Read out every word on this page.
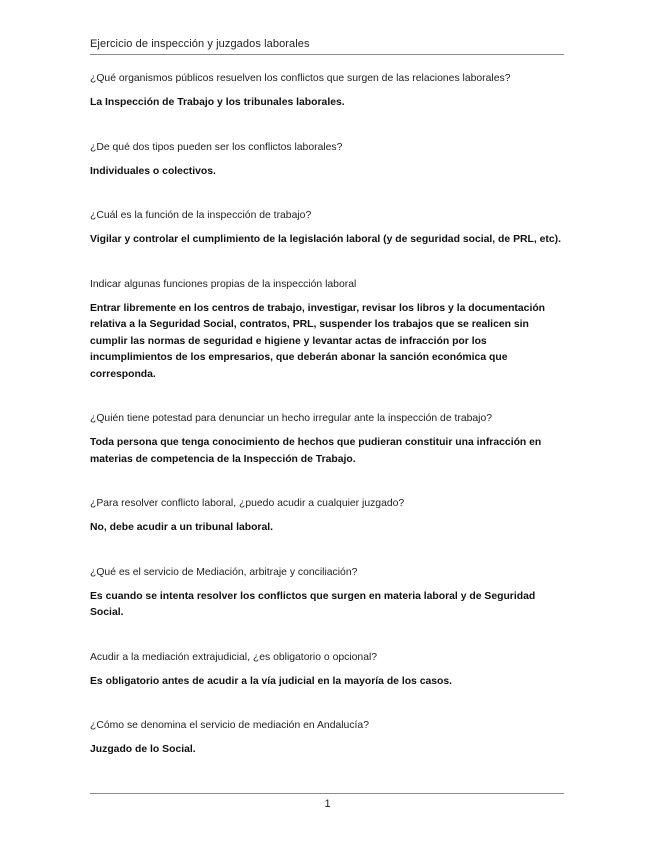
Ejercicio de inspección y juzgados laborales

¿Qué organismos públicos resuelven los conflictos que surgen de las relaciones laborales?

La Inspección de Trabajo y los tribunales laborales.

¿De qué dos tipos pueden ser los conflictos laborales?

Individuales o colectivos.

¿Cuál es la función de la inspección de trabajo?

Vigilar y controlar el cumplimiento de la legislación laboral (y de seguridad social, de PRL, etc).

Indicar algunas funciones propias de la inspección laboral

Entrar libremente en los centros de trabajo, investigar, revisar los libros y la documentación relativa a la Seguridad Social, contratos, PRL, suspender los trabajos que se realicen sin cumplir las normas de seguridad e higiene y levantar actas de infracción por los incumplimientos de los empresarios, que deberán abonar la sanción económica que corresponda.

¿Quién tiene potestad para denunciar un hecho irregular ante la inspección de trabajo?

Toda persona que tenga conocimiento de hechos que pudieran constituir una infracción en materias de competencia de la Inspección de Trabajo.

¿Para resolver conflicto laboral, ¿puedo acudir a cualquier juzgado?

No, debe acudir a un tribunal laboral.

¿Qué es el servicio de Mediación, arbitraje y conciliación?

Es cuando se intenta resolver los conflictos que surgen en materia laboral y de Seguridad Social.

Acudir a la mediación extrajudicial, ¿es obligatorio o opcional?

Es obligatorio antes de acudir a la vía judicial en la mayoría de los casos.

¿Cómo se denomina el servicio de mediación en Andalucía?

Juzgado de lo Social.

1
